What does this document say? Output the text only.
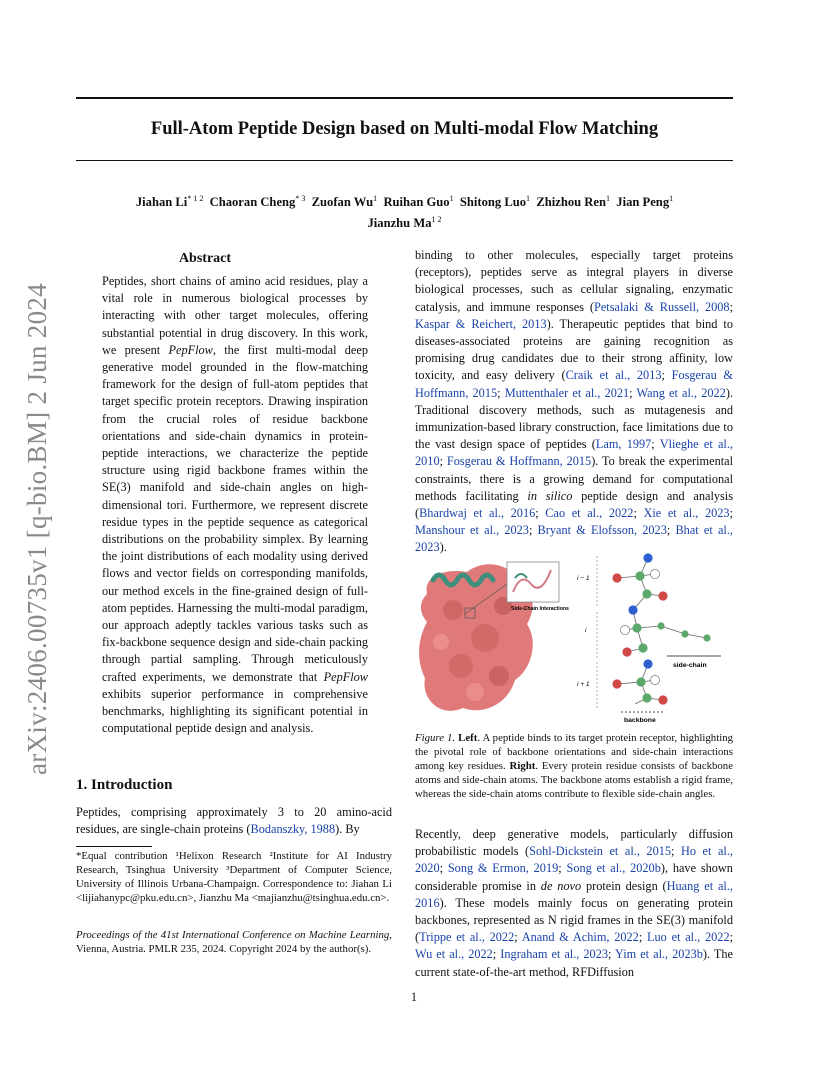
Full-Atom Peptide Design based on Multi-modal Flow Matching
Jiahan $Li^{* 1 2}$ Chaoran Cheng$^{* 3}$ Zuofan Wu$^1$ Ruihan Guo$^1$ Shitong Luo$^1$ Zhizhou Ren$^1$ Jian Peng$^1$
Jianzhu $Ma^{1 2}$
arXiv:2406.00735v1 [q-bio.BM] 2 Jun 2024
Abstract

Peptides, short chains of amino acid residues, play a vital role in numerous biological processes by interacting with other target molecules, offering substantial potential in drug discovery. In this work, we present PepFlow, the first multi-modal deep generative model grounded in the flow-matching framework for the design of full-atom peptides that target specific protein receptors. Drawing inspiration from the crucial roles of residue backbone orientations and side-chain dynamics in protein-peptide interactions, we characterize the peptide structure using rigid backbone frames within the SE(3) manifold and side-chain angles on high-dimensional tori. Furthermore, we represent discrete residue types in the peptide sequence as categorical distributions on the probability simplex. By learning the joint distributions of each modality using derived flows and vector fields on corresponding manifolds, our method excels in the fine-grained design of full-atom peptides. Harnessing the multi-modal paradigm, our approach adeptly tackles various tasks such as fix-backbone sequence design and side-chain packing through partial sampling. Through meticulously crafted experiments, we demonstrate that PepFlow exhibits superior performance in comprehensive benchmarks, highlighting its significant potential in computational peptide design and analysis.

1. Introduction

Peptides, comprising approximately 3 to 20 amino-acid residues, are single-chain proteins (Bodanszky, 1988). By

*Equal contribution ¹Helixon Research ²Institute for AI Industry Research, Tsinghua University ³Department of Computer Science, University of Illinois Urbana-Champaign. Correspondence to: Jiahan Li <lijiahanypc@pku.edu.cn>, Jianzhu Ma <majianzhu@tsinghua.edu.cn>.

Proceedings of the 41st International Conference on Machine Learning, Vienna, Austria. PMLR 235, 2024. Copyright 2024 by the author(s).

binding to other molecules, especially target proteins (receptors), peptides serve as integral players in diverse biological processes, such as cellular signaling, enzymatic catalysis, and immune responses (Petsalaki & Russell, 2008; Kaspar & Reichert, 2013). Therapeutic peptides that bind to diseases-associated proteins are gaining recognition as promising drug candidates due to their strong affinity, low toxicity, and easy delivery (Craik et al., 2013; Fosgerau & Hoffmann, 2015; Muttenthaler et al., 2021; Wang et al., 2022). Traditional discovery methods, such as mutagenesis and immunization-based library construction, face limitations due to the vast design space of peptides (Lam, 1997; Vlieghe et al., 2010; Fosgerau & Hoffmann, 2015). To break the experimental constraints, there is a growing demand for computational methods facilitating in silico peptide design and analysis (Bhardwaj et al., 2016; Cao et al., 2022; Xie et al., 2023; Manshour et al., 2023; Bryant & Elofsson, 2023; Bhat et al., 2023).

Side-Chain Interactions
i − 1
i
i + 1
side-chain
backbone

Figure 1. Left. A peptide binds to its target protein receptor, highlighting the pivotal role of backbone orientations and side-chain interactions among key residues. Right. Every protein residue consists of backbone atoms and side-chain atoms. The backbone atoms establish a rigid frame, whereas the side-chain atoms contribute to flexible side-chain angles.

Recently, deep generative models, particularly diffusion probabilistic models (Sohl-Dickstein et al., 2015; Ho et al., 2020; Song & Ermon, 2019; Song et al., 2020b), have shown considerable promise in de novo protein design (Huang et al., 2016). These models mainly focus on generating protein backbones, represented as N rigid frames in the SE(3) manifold (Trippe et al., 2022; Anand & Achim, 2022; Luo et al., 2022; Wu et al., 2022; Ingraham et al., 2023; Yim et al., 2023b). The current state-of-the-art method, RFDiffusion

1
